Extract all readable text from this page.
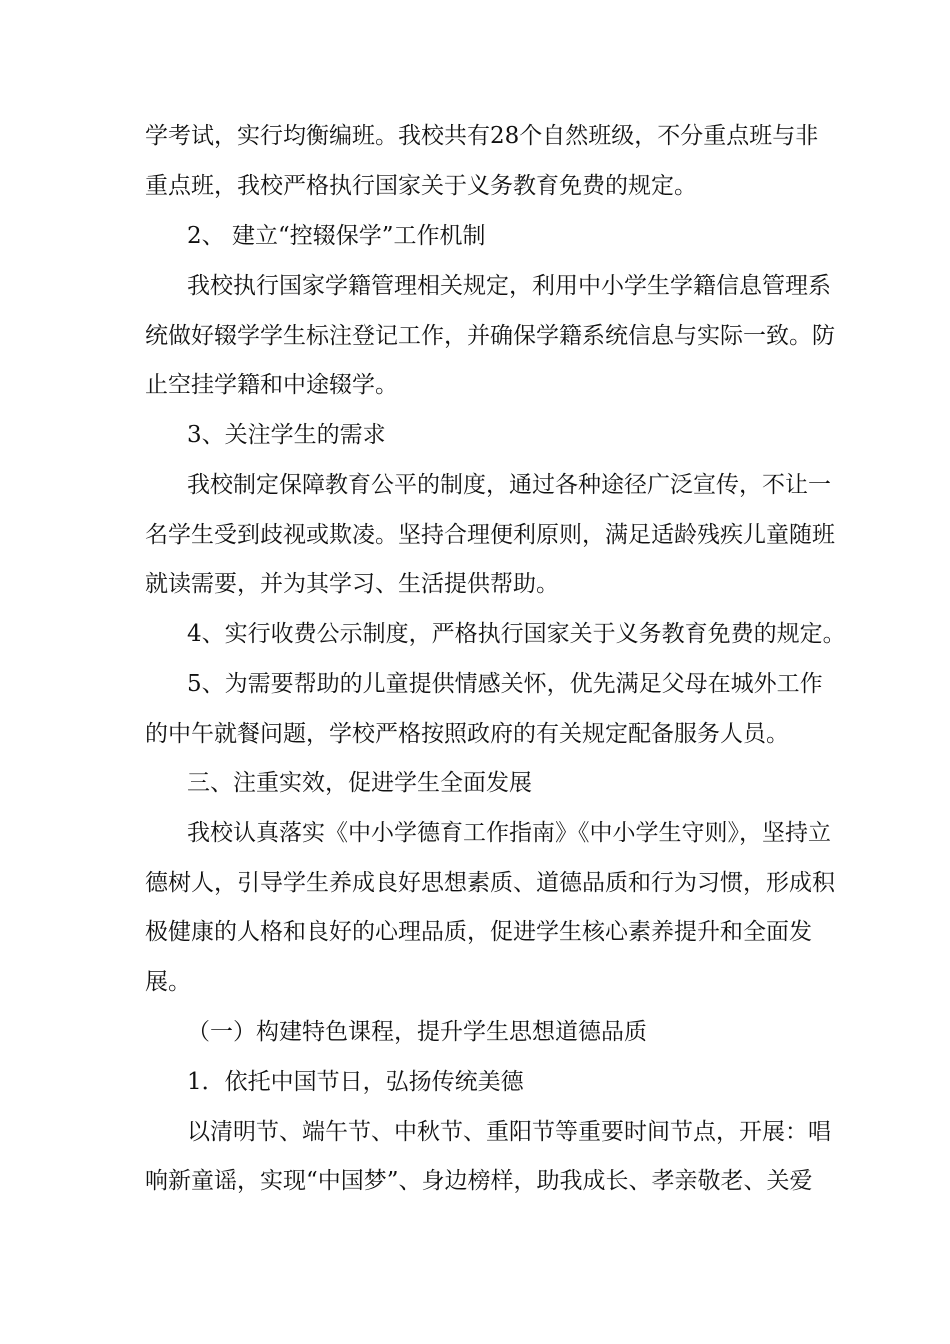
学考试，实行均衡编班。我校共有28个自然班级，不分重点班与非
重点班，我校严格执行国家关于义务教育免费的规定。
2、 建立“控辍保学”工作机制
我校执行国家学籍管理相关规定，利用中小学生学籍信息管理系
统做好辍学学生标注登记工作，并确保学籍系统信息与实际一致。防
止空挂学籍和中途辍学。
3、关注学生的需求
我校制定保障教育公平的制度，通过各种途径广泛宣传，不让一
名学生受到歧视或欺凌。坚持合理便利原则，满足适龄残疾儿童随班
就读需要，并为其学习、生活提供帮助。
4、实行收费公示制度，严格执行国家关于义务教育免费的规定。
5、为需要帮助的儿童提供情感关怀，优先满足父母在城外工作
的中午就餐问题，学校严格按照政府的有关规定配备服务人员。
三、注重实效，促进学生全面发展
我校认真落实《中小学德育工作指南》《中小学生守则》，坚持立
德树人，引导学生养成良好思想素质、道德品质和行为习惯，形成积
极健康的人格和良好的心理品质，促进学生核心素养提升和全面发
展。
（一）构建特色课程，提升学生思想道德品质
1．依托中国节日，弘扬传统美德
以清明节、端午节、中秋节、重阳节等重要时间节点，开展：唱
响新童谣，实现“中国梦”、身边榜样，助我成长、孝亲敬老、关爱
